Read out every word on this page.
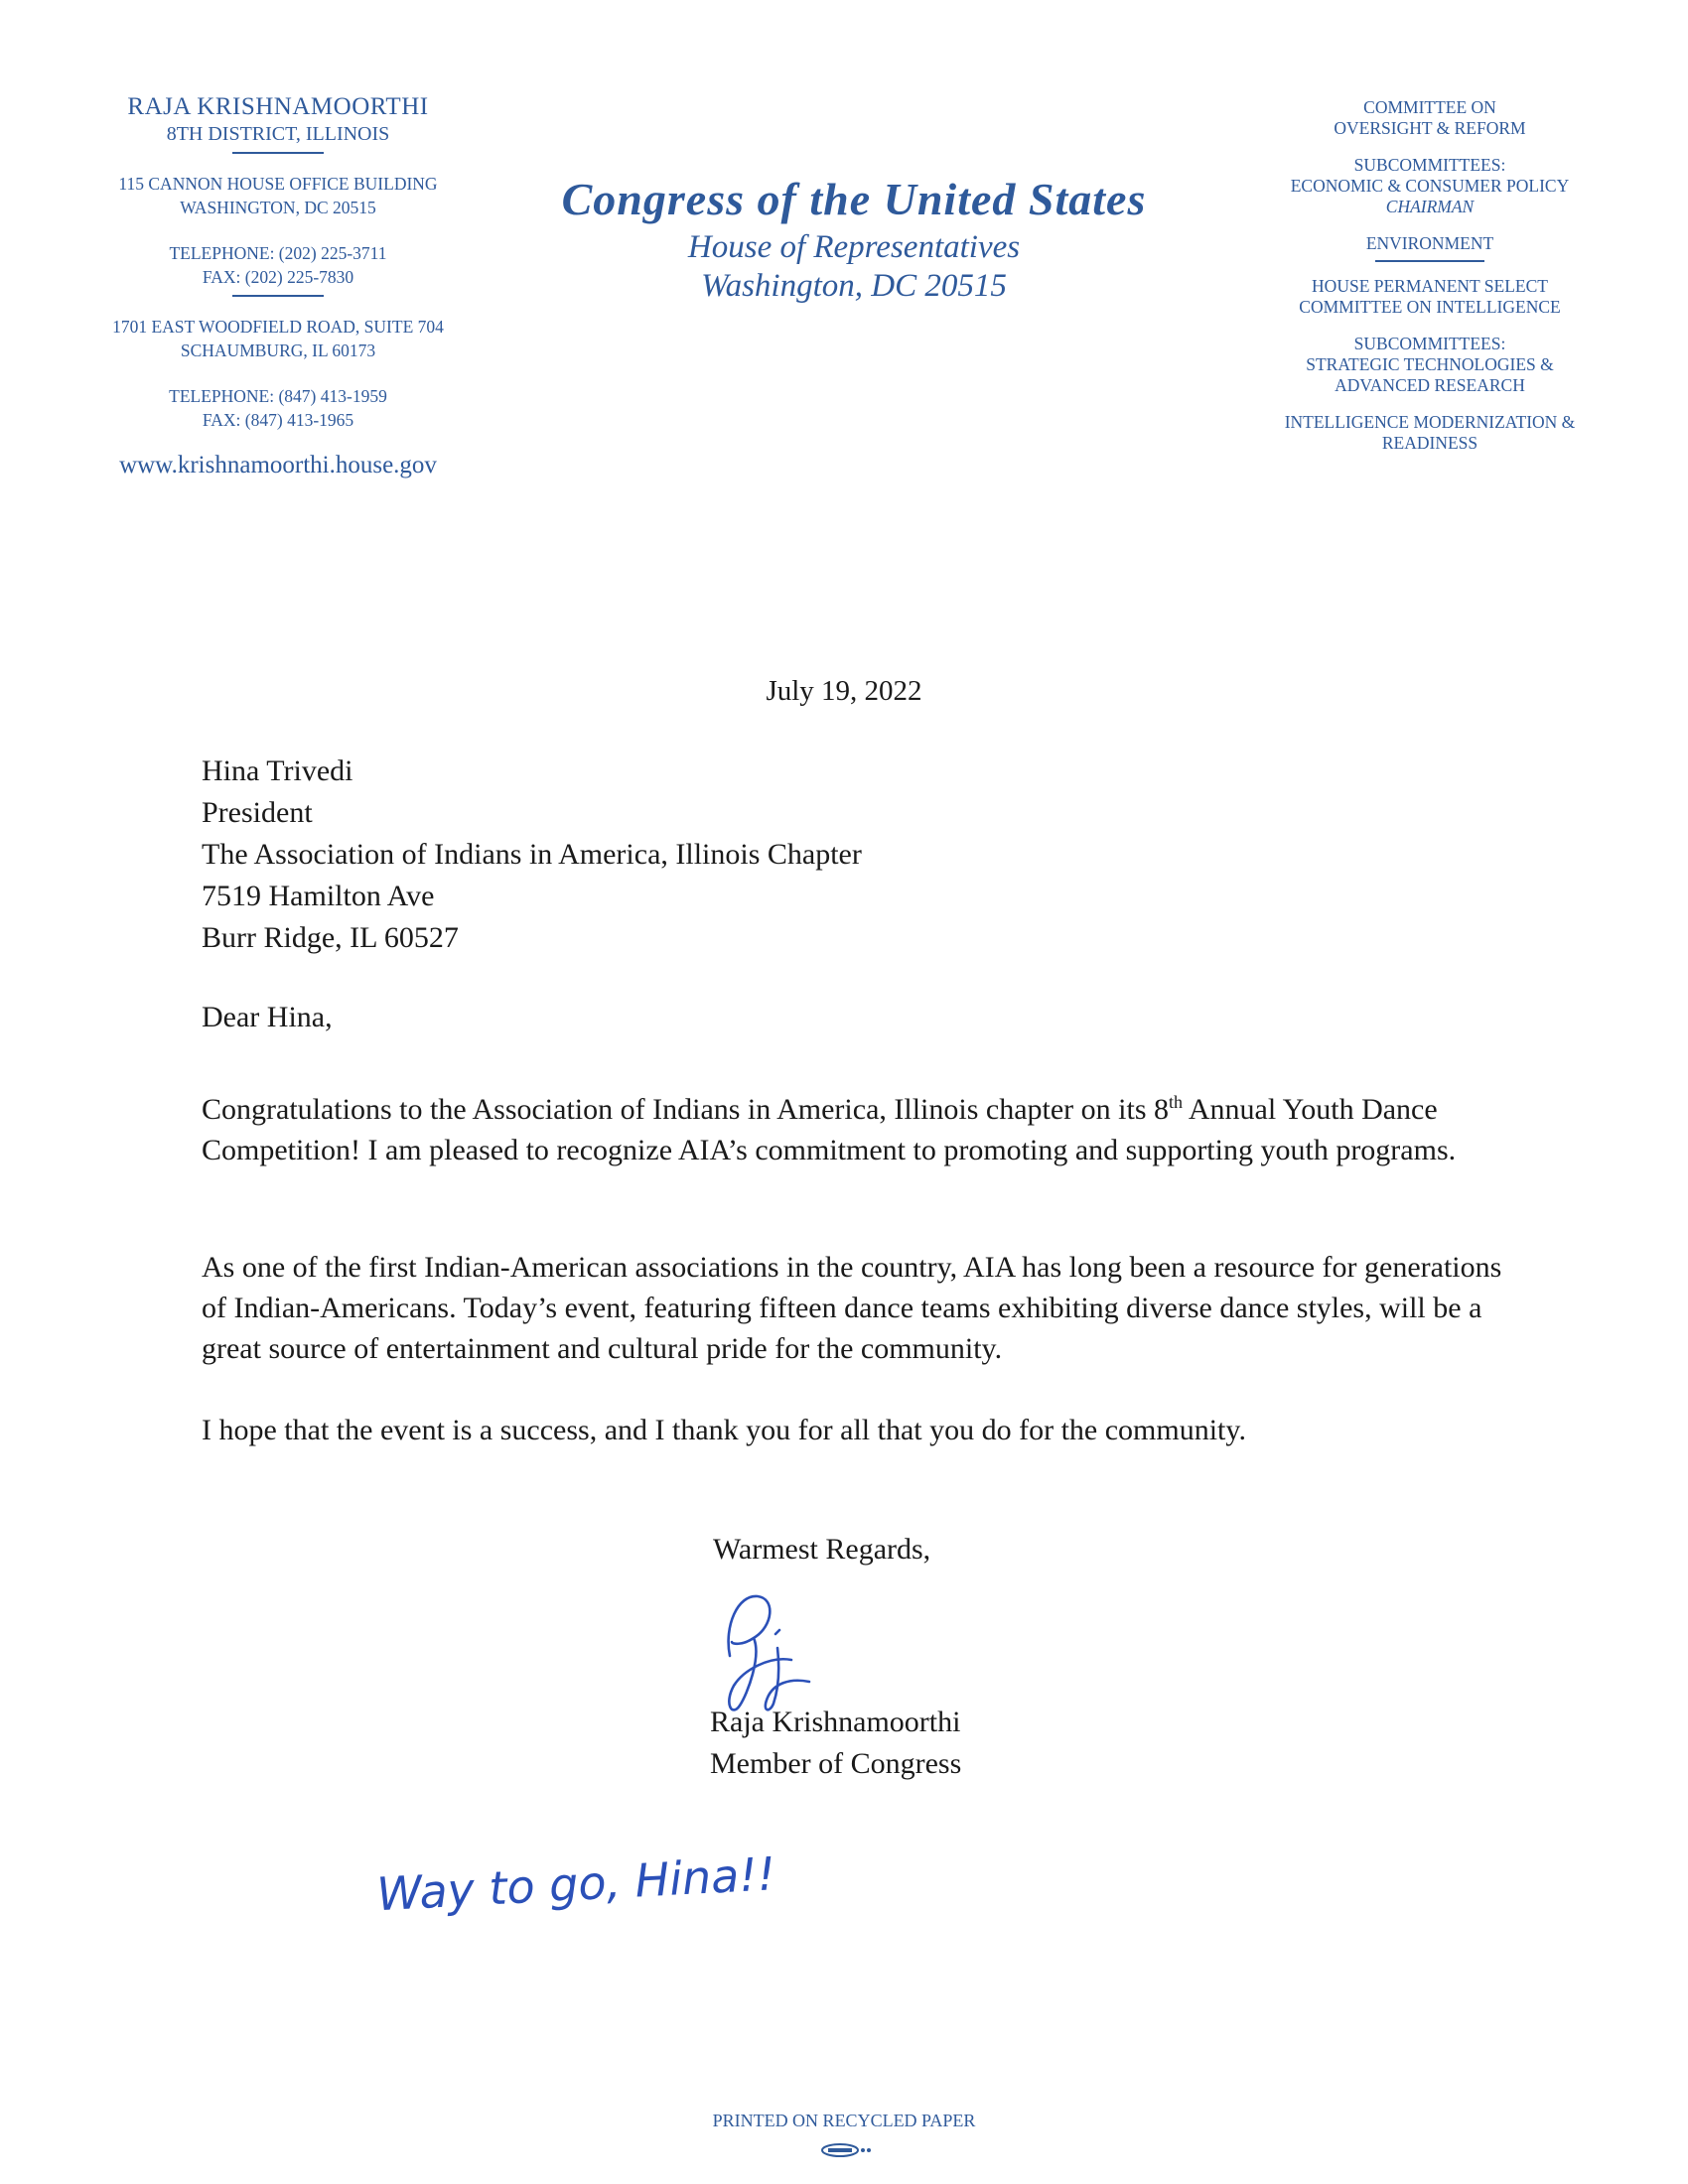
RAJA KRISHNAMOORTHI
8TH DISTRICT, ILLINOIS
115 CANNON HOUSE OFFICE BUILDING
WASHINGTON, DC 20515
TELEPHONE: (202) 225-3711
FAX: (202) 225-7830
1701 EAST WOODFIELD ROAD, SUITE 704
SCHAUMBURG, IL 60173
TELEPHONE: (847) 413-1959
FAX: (847) 413-1965
www.krishnamoorthi.house.gov
Congress of the United States
House of Representatives
Washington, DC 20515
COMMITTEE ON
OVERSIGHT & REFORM
SUBCOMMITTEES:
ECONOMIC & CONSUMER POLICY
CHAIRMAN
ENVIRONMENT
HOUSE PERMANENT SELECT
COMMITTEE ON INTELLIGENCE
SUBCOMMITTEES:
STRATEGIC TECHNOLOGIES &
ADVANCED RESEARCH
INTELLIGENCE MODERNIZATION &
READINESS
July 19, 2022
Hina Trivedi
President
The Association of Indians in America, Illinois Chapter
7519 Hamilton Ave
Burr Ridge, IL 60527
Dear Hina,
Congratulations to the Association of Indians in America, Illinois chapter on its 8th Annual Youth Dance Competition! I am pleased to recognize AIA’s commitment to promoting and supporting youth programs.
As one of the first Indian-American associations in the country, AIA has long been a resource for generations of Indian-Americans. Today’s event, featuring fifteen dance teams exhibiting diverse dance styles, will be a great source of entertainment and cultural pride for the community.
I hope that the event is a success, and I thank you for all that you do for the community.
Warmest Regards,
Raja Krishnamoorthi
Member of Congress
Way to go, Hina!!
PRINTED ON RECYCLED PAPER
